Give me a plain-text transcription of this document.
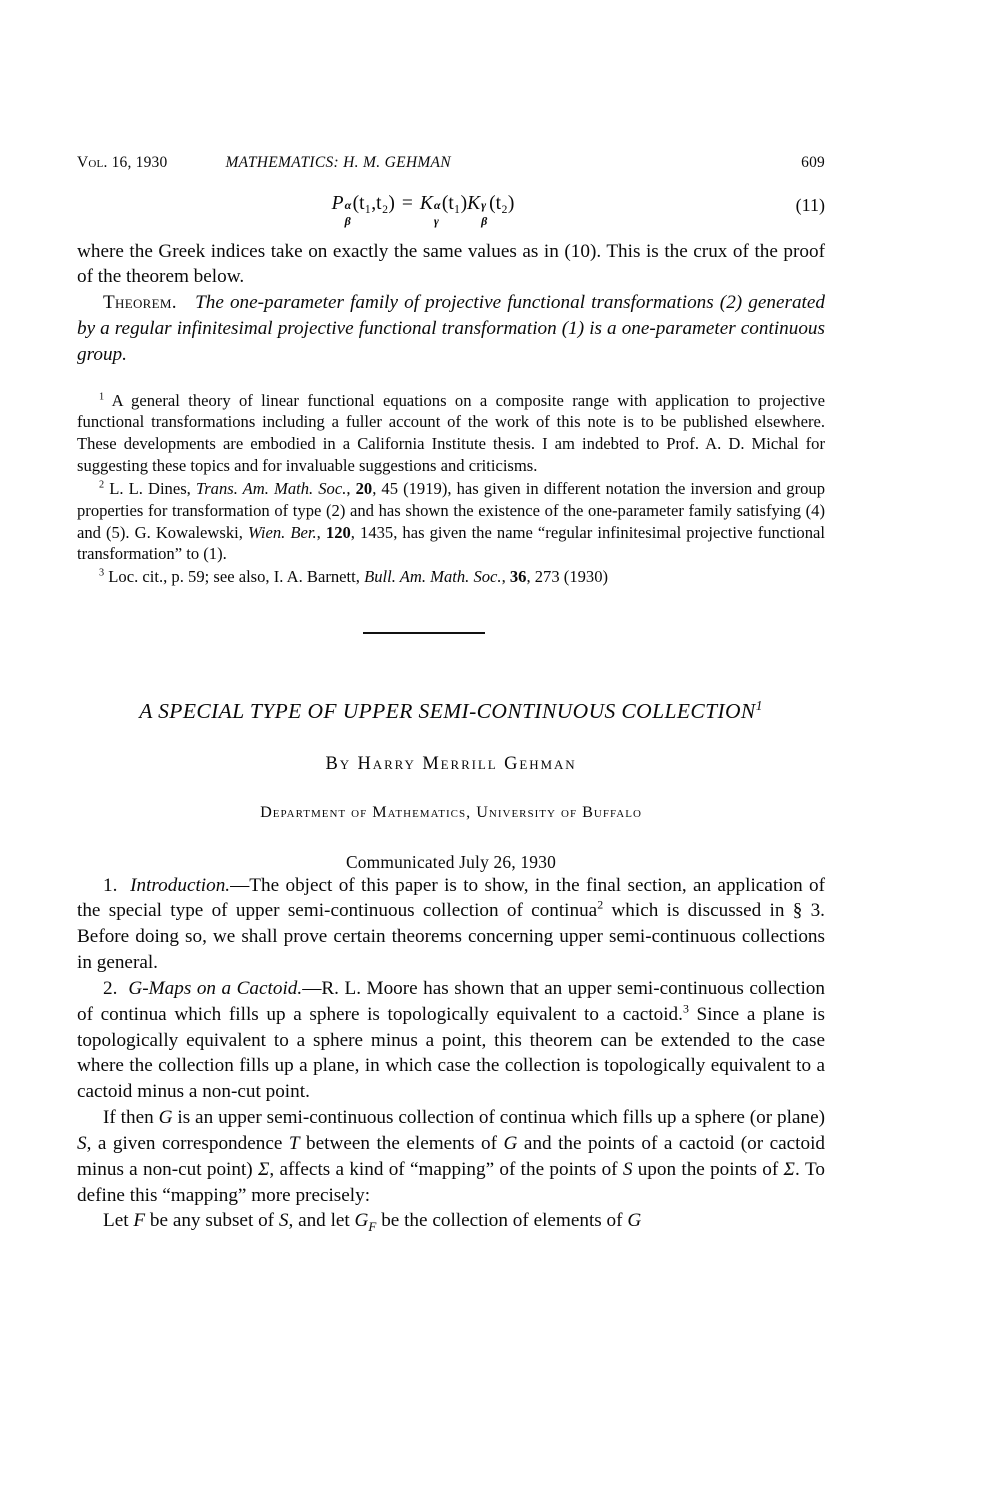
Vol. 16, 1930	MATHEMATICS: H. M. GEHMAN	609
P α
β
(t₁,t₂) = K α
γ
(t₁)K γ
β
(t₂)	(11)

where the Greek indices take on exactly the same values as in (10). This is the crux of the proof of the theorem below.

Theorem. The one-parameter family of projective functional transformations (2) generated by a regular infinitesimal projective functional transformation (1) is a one-parameter continuous group.

$^1$ A general theory of linear functional equations on a composite range with application to projective functional transformations including a fuller account of the work of this note is to be published elsewhere. These developments are embodied in a California Institute thesis. I am indebted to Prof. A. D. Michal for suggesting these topics and for invaluable suggestions and criticisms.

$^2$ L. L. Dines, Trans. Am. Math. Soc., 20, 45 (1919), has given in different notation the inversion and group properties for transformation of type (2) and has shown the existence of the one-parameter family satisfying (4) and (5). G. Kowalewski, Wien. Ber., 120, 1435, has given the name “regular infinitesimal projective functional transformation” to (1).

$^3$ Loc. cit., p. 59; see also, I. A. Barnett, Bull. Am. Math. Soc., 36, 273 (1930)

A SPECIAL TYPE OF UPPER SEMI-CONTINUOUS COLLECTION$^1$
By Harry Merrill Gehman
Department of Mathematics, University of Buffalo
Communicated July 26, 1930

1. Introduction.—The object of this paper is to show, in the final section, an application of the special type of upper semi-continuous collection of continua$^2$ which is discussed in § 3. Before doing so, we shall prove certain theorems concerning upper semi-continuous collections in general.

2. G-Maps on a Cactoid.—R. L. Moore has shown that an upper semi-continuous collection of continua which fills up a sphere is topologically equivalent to a cactoid.$^3$ Since a plane is topologically equivalent to a sphere minus a point, this theorem can be extended to the case where the collection fills up a plane, in which case the collection is topologically equivalent to a cactoid minus a non-cut point.

If then G is an upper semi-continuous collection of continua which fills up a sphere (or plane) S, a given correspondence T between the elements of G and the points of a cactoid (or cactoid minus a non-cut point) Σ, affects a kind of “mapping” of the points of S upon the points of Σ. To define this “mapping” more precisely:

Let F be any subset of S, and let $G_F$ be the collection of elements of G
